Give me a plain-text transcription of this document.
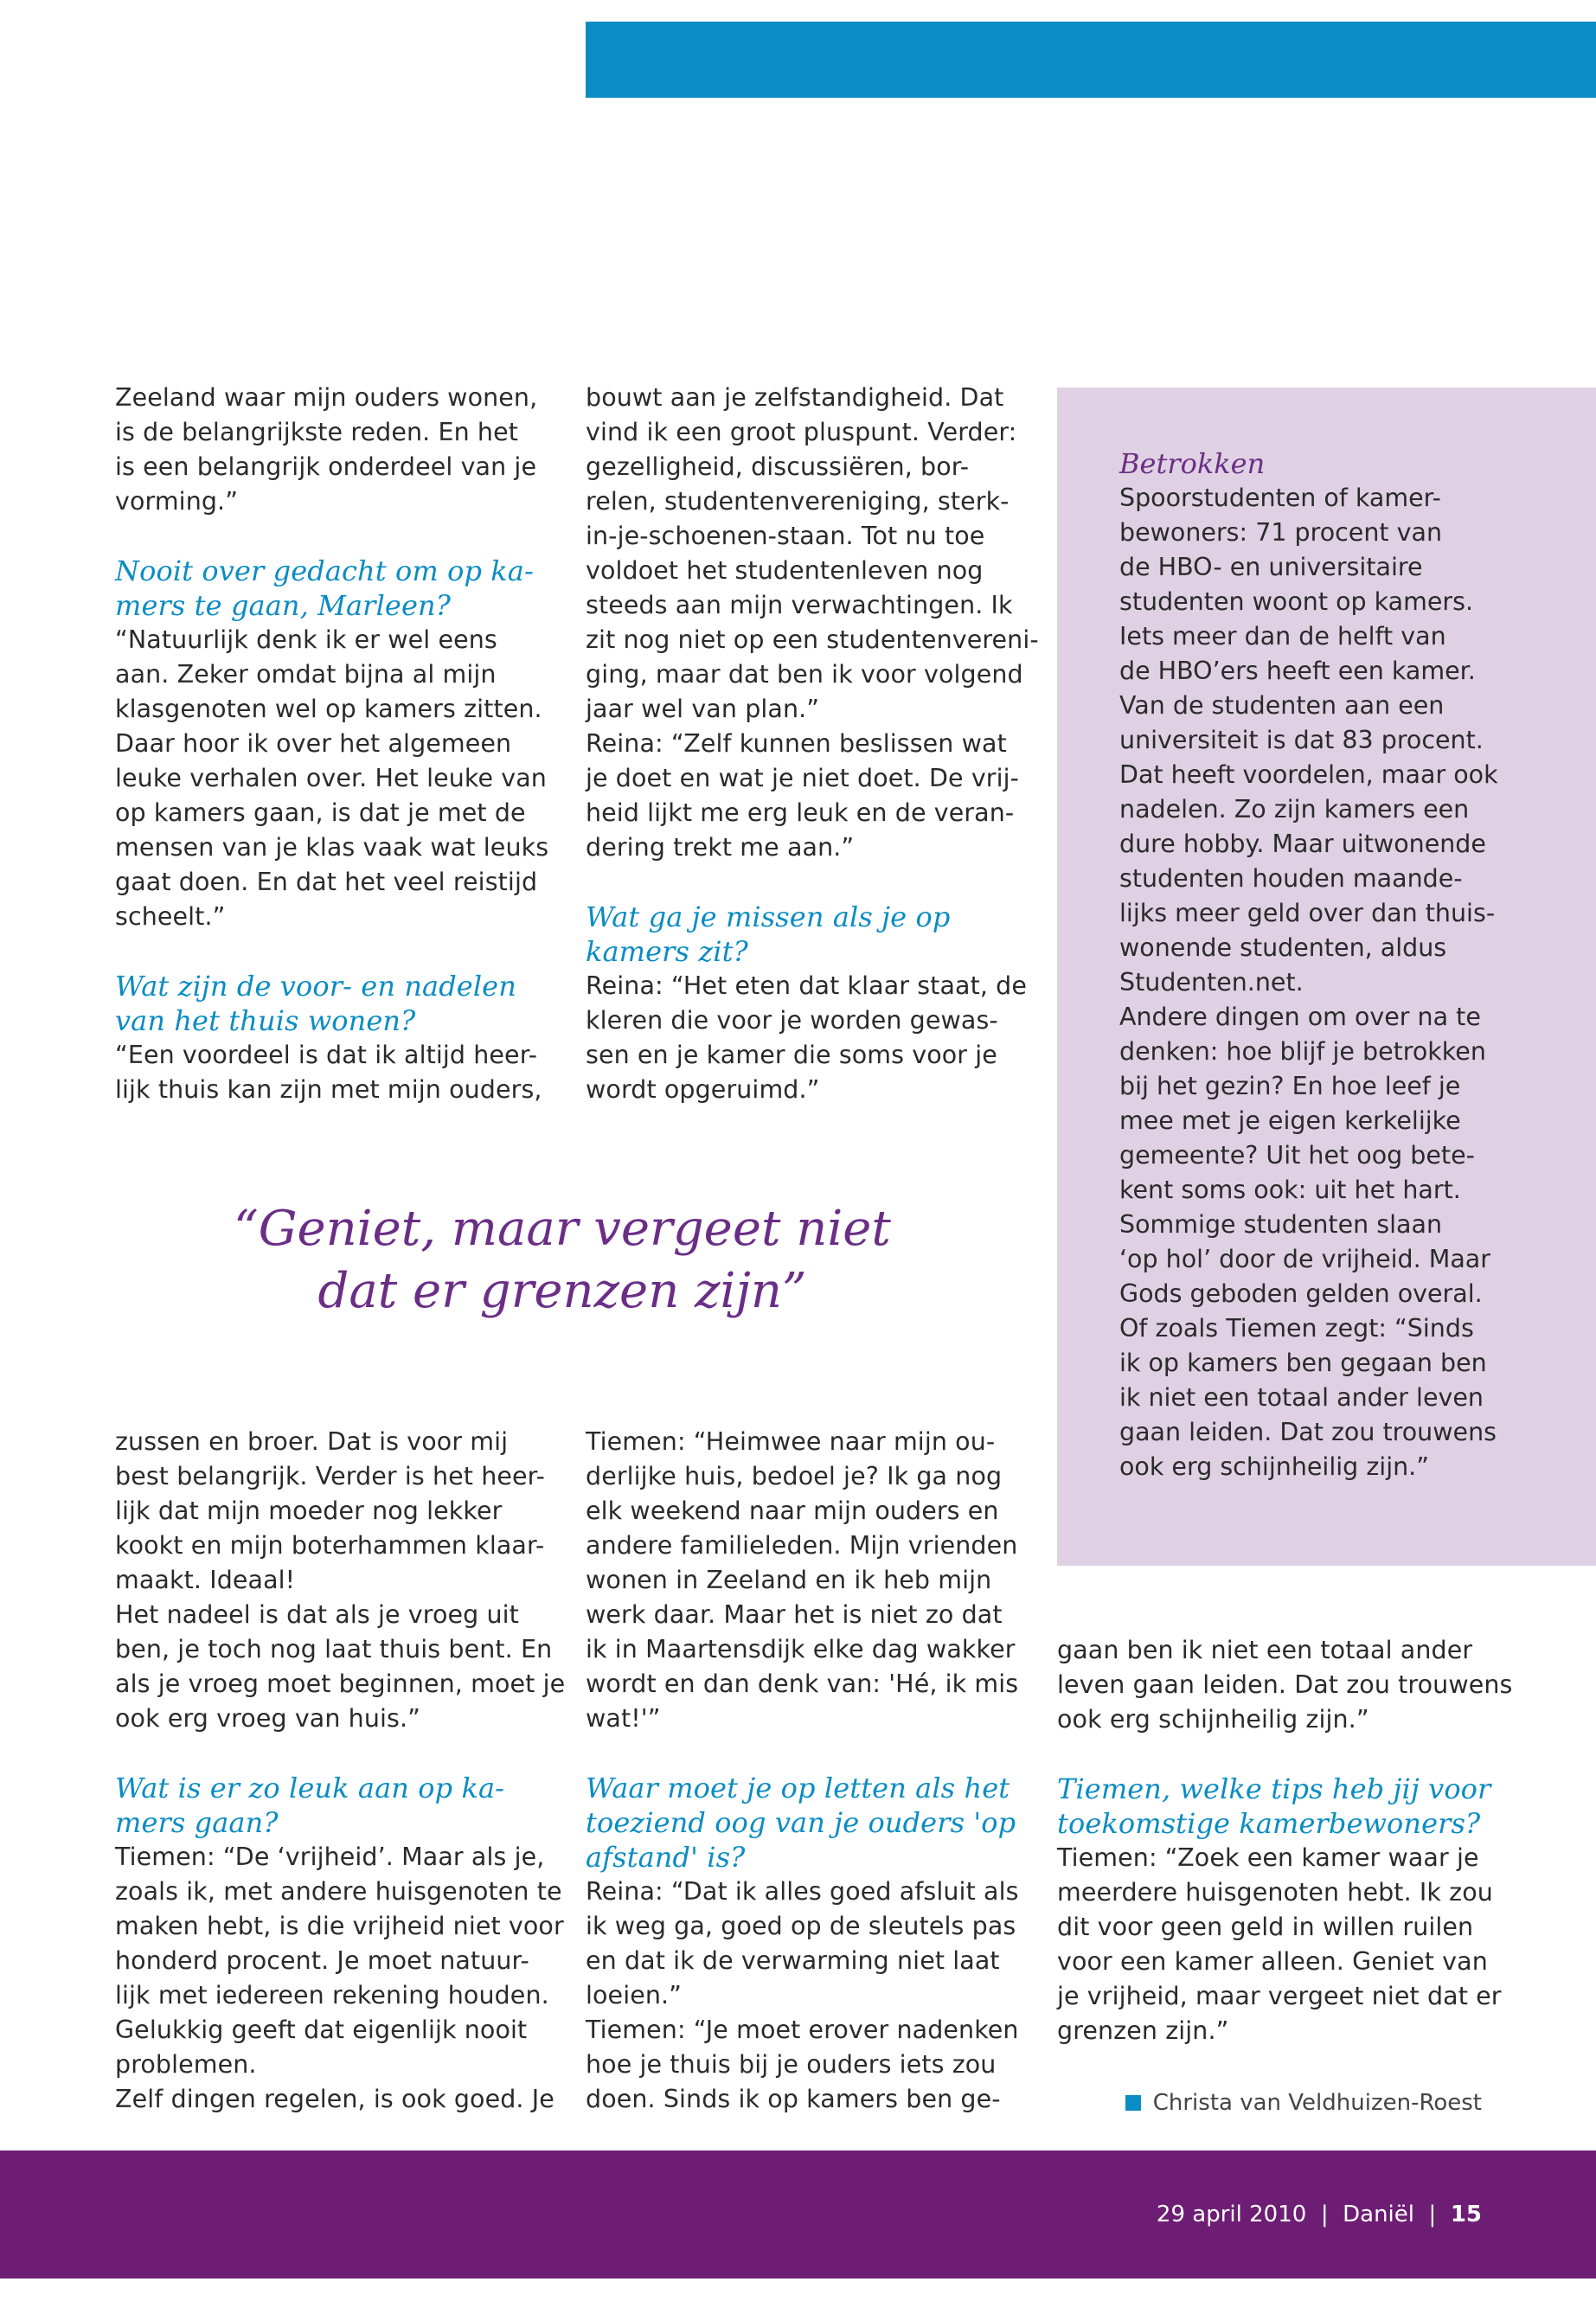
Zeeland waar mijn ouders wonen,
is de belangrijkste reden. En het
is een belangrijk onderdeel van je
vorming.”

Nooit over gedacht om op ka-
mers te gaan, Marleen?

“Natuurlijk denk ik er wel eens
aan. Zeker omdat bijna al mijn
klasgenoten wel op kamers zitten.
Daar hoor ik over het algemeen
leuke verhalen over. Het leuke van
op kamers gaan, is dat je met de
mensen van je klas vaak wat leuks
gaat doen. En dat het veel reistijd
scheelt.”

Wat zijn de voor- en nadelen
van het thuis wonen?

“Een voordeel is dat ik altijd heer-
lijk thuis kan zijn met mijn ouders,

bouwt aan je zelfstandigheid. Dat
vind ik een groot pluspunt. Verder:
gezelligheid, discussiëren, bor-
relen, studentenvereniging, sterk-
in-je-schoenen-staan. Tot nu toe
voldoet het studentenleven nog
steeds aan mijn verwachtingen. Ik
zit nog niet op een studentenvereni-
ging, maar dat ben ik voor volgend
jaar wel van plan.”
Reina: “Zelf kunnen beslissen wat
je doet en wat je niet doet. De vrij-
heid lijkt me erg leuk en de veran-
dering trekt me aan.”

Wat ga je missen als je op
kamers zit?

Reina: “Het eten dat klaar staat, de
kleren die voor je worden gewas-
sen en je kamer die soms voor je
wordt opgeruimd.”

Betrokken

Spoorstudenten of kamer-
bewoners: 71 procent van
de HBO- en universitaire
studenten woont op kamers.
Iets meer dan de helft van
de HBO’ers heeft een kamer.
Van de studenten aan een
universiteit is dat 83 procent.
Dat heeft voordelen, maar ook
nadelen. Zo zijn kamers een
dure hobby. Maar uitwonende
studenten houden maande-
lijks meer geld over dan thuis-
wonende studenten, aldus
Studenten.net.
Andere dingen om over na te
denken: hoe blijf je betrokken
bij het gezin? En hoe leef je
mee met je eigen kerkelijke
gemeente? Uit het oog bete-
kent soms ook: uit het hart.
Sommige studenten slaan
‘op hol’ door de vrijheid. Maar
Gods geboden gelden overal.
Of zoals Tiemen zegt: “Sinds
ik op kamers ben gegaan ben
ik niet een totaal ander leven
gaan leiden. Dat zou trouwens
ook erg schijnheilig zijn.”

“Geniet, maar vergeet niet
dat er grenzen zijn”

zussen en broer. Dat is voor mij
best belangrijk. Verder is het heer-
lijk dat mijn moeder nog lekker
kookt en mijn boterhammen klaar-
maakt. Ideaal!
Het nadeel is dat als je vroeg uit
ben, je toch nog laat thuis bent. En
als je vroeg moet beginnen, moet je
ook erg vroeg van huis.”

Wat is er zo leuk aan op ka-
mers gaan?

Tiemen: “De ‘vrijheid’. Maar als je,
zoals ik, met andere huisgenoten te
maken hebt, is die vrijheid niet voor
honderd procent. Je moet natuur-
lijk met iedereen rekening houden.
Gelukkig geeft dat eigenlijk nooit
problemen.
Zelf dingen regelen, is ook goed. Je

Tiemen: “Heimwee naar mijn ou-
derlijke huis, bedoel je? Ik ga nog
elk weekend naar mijn ouders en
andere familieleden. Mijn vrienden
wonen in Zeeland en ik heb mijn
werk daar. Maar het is niet zo dat
ik in Maartensdijk elke dag wakker
wordt en dan denk van: 'Hé, ik mis
wat!'”

Waar moet je op letten als het
toeziend oog van je ouders 'op
afstand' is?

Reina: “Dat ik alles goed afsluit als
ik weg ga, goed op de sleutels pas
en dat ik de verwarming niet laat
loeien.”
Tiemen: “Je moet erover nadenken
hoe je thuis bij je ouders iets zou
doen. Sinds ik op kamers ben ge-

gaan ben ik niet een totaal ander
leven gaan leiden. Dat zou trouwens
ook erg schijnheilig zijn.”

Tiemen, welke tips heb jij voor
toekomstige kamerbewoners?

Tiemen: “Zoek een kamer waar je
meerdere huisgenoten hebt. Ik zou
dit voor geen geld in willen ruilen
voor een kamer alleen. Geniet van
je vrijheid, maar vergeet niet dat er
grenzen zijn.”

Christa van Veldhuizen-Roest
29 april 2010 | Daniël | 15
